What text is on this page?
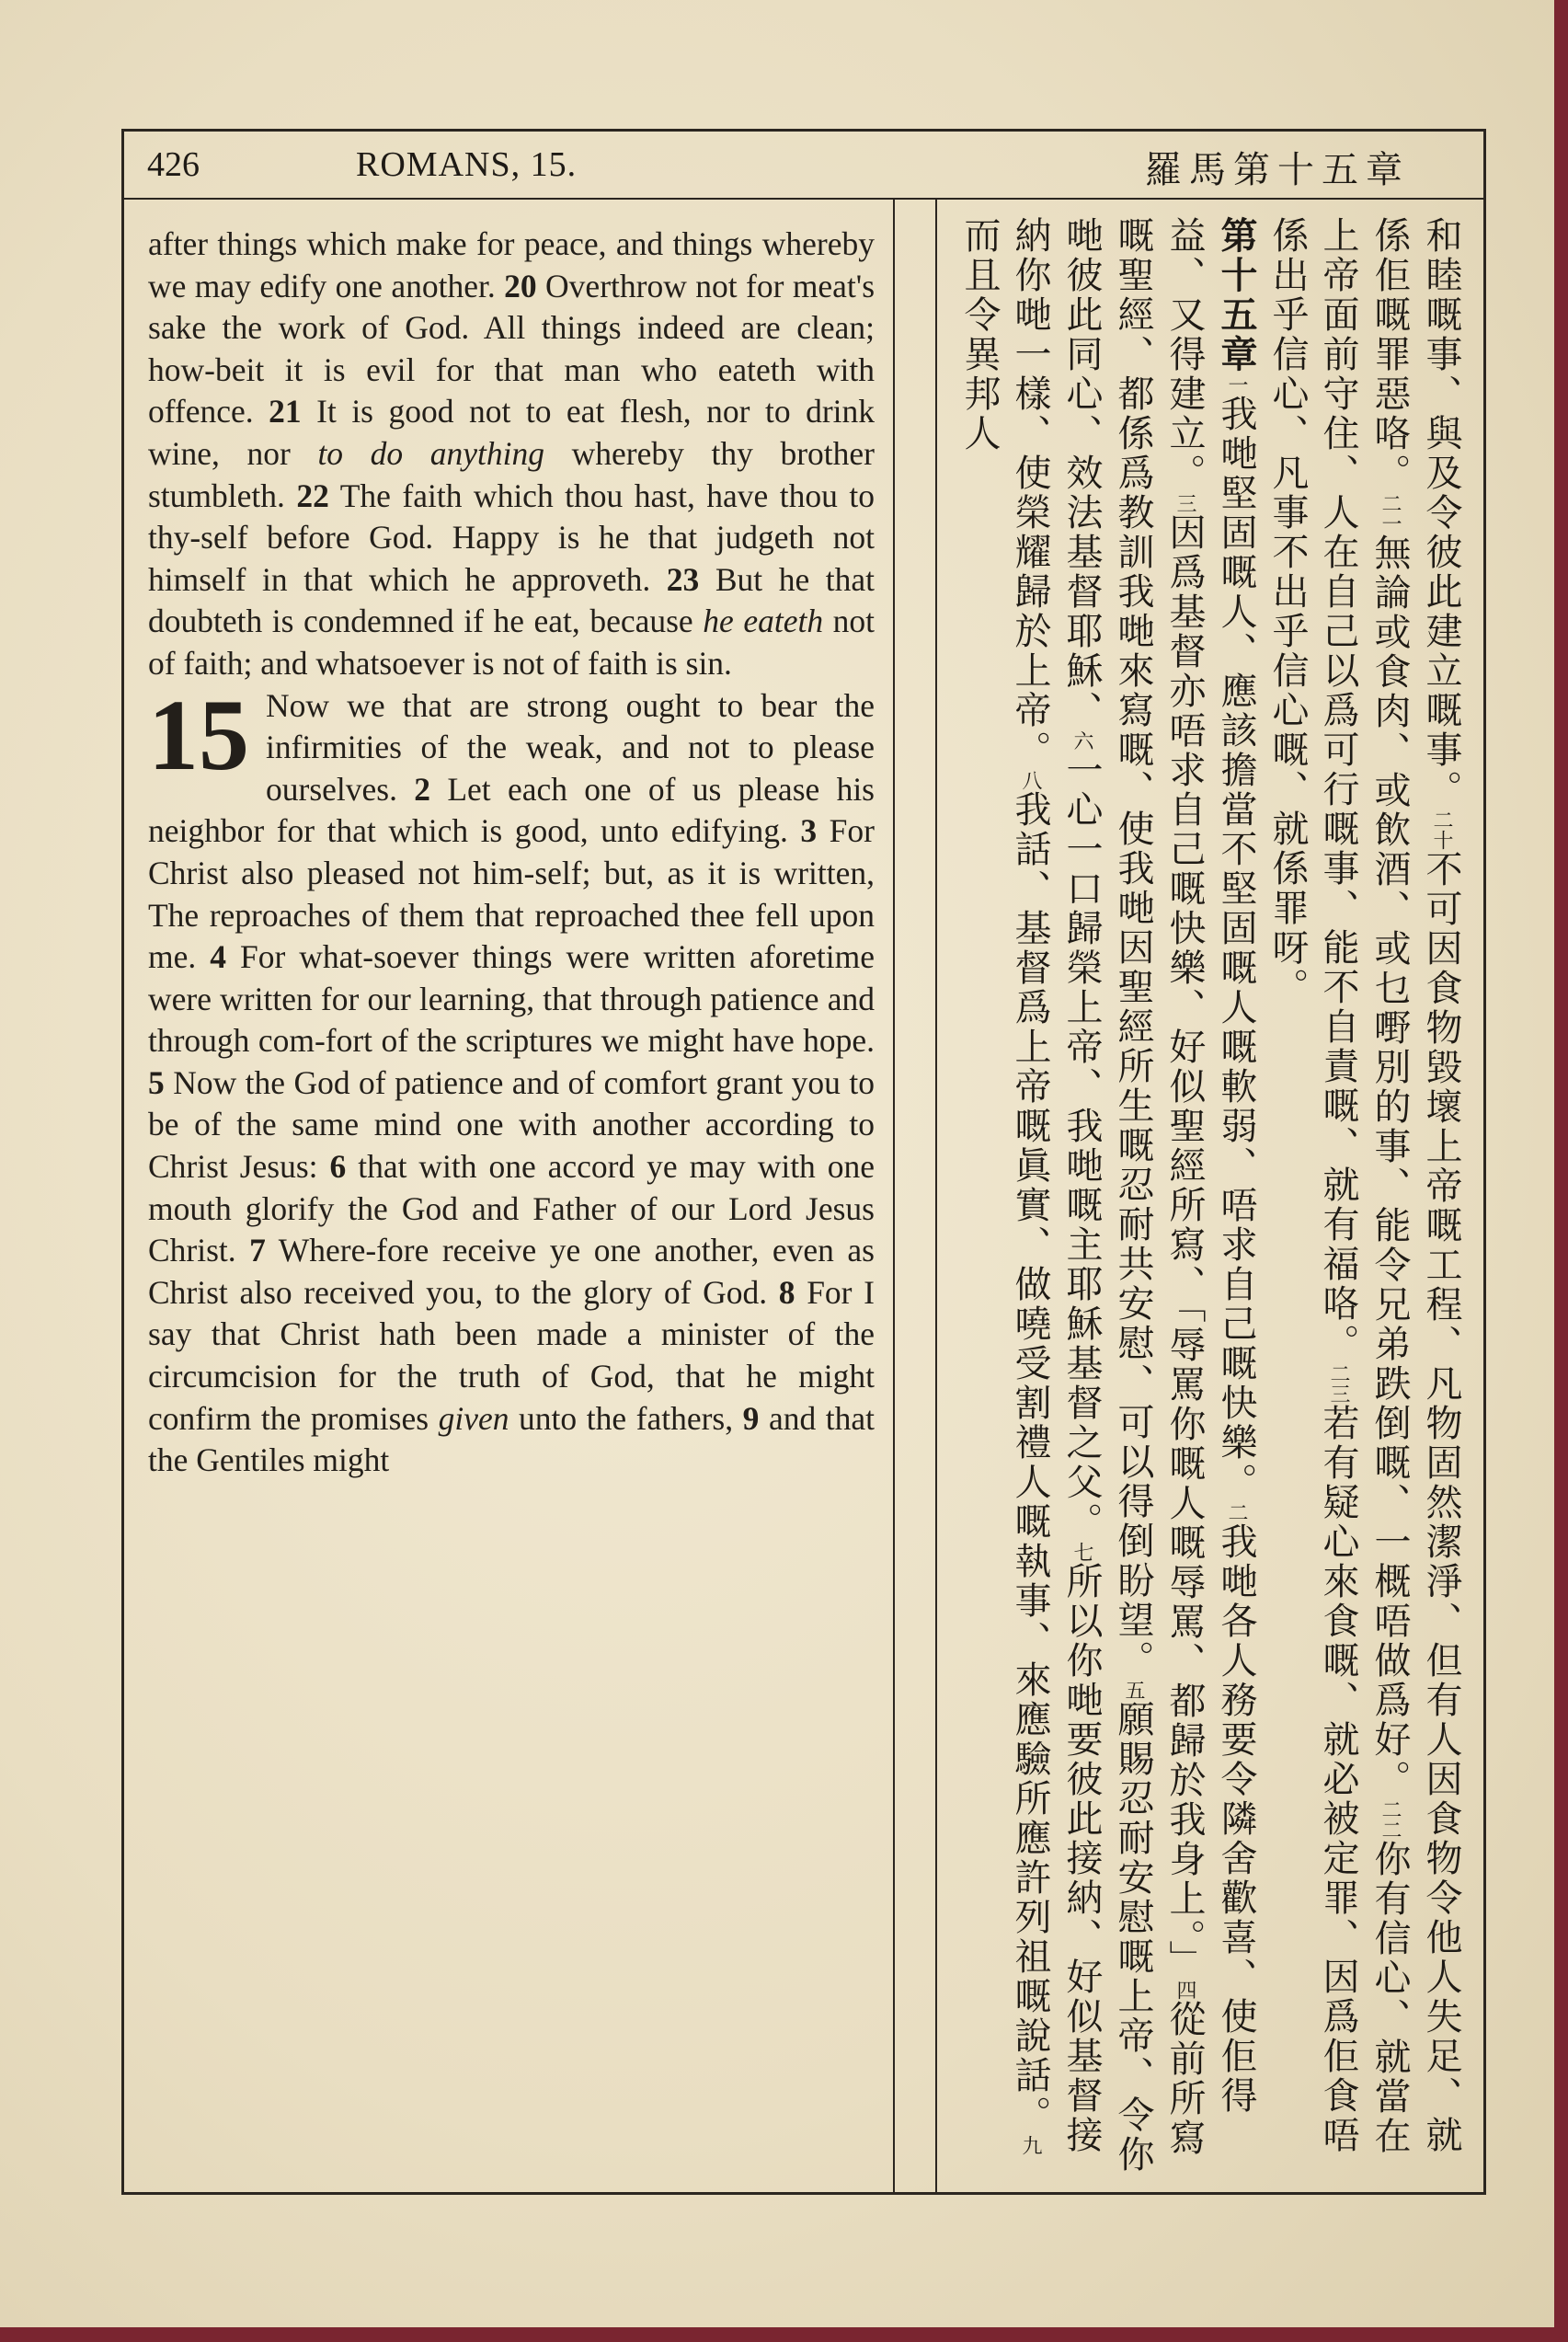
426	ROMANS, 15.	羅馬第十五章

after things which make for peace, and things whereby we may edify one another. 20 Overthrow not for meat's sake the work of God. All things indeed are clean; how-beit it is evil for that man who eateth with offence. 21 It is good not to eat flesh, nor to drink wine, nor to do anything whereby thy brother stumbleth. 22 The faith which thou hast, have thou to thy-self before God. Happy is he that judgeth not himself in that which he approveth. 23 But he that doubteth is condemned if he eat, because he eateth not of faith; and whatsoever is not of faith is sin.

15 Now we that are strong ought to bear the infirmities of the weak, and not to please ourselves. 2 Let each one of us please his neighbor for that which is good, unto edifying. 3 For Christ also pleased not him-self; but, as it is written, The reproaches of them that reproached thee fell upon me. 4 For what-soever things were written aforetime were written for our learning, that through patience and through com-fort of the scriptures we might have hope. 5 Now the God of patience and of comfort grant you to be of the same mind one with another according to Christ Jesus: 6 that with one accord ye may with one mouth glorify the God and Father of our Lord Jesus Christ. 7 Where-fore receive ye one another, even as Christ also received you, to the glory of God. 8 For I say that Christ hath been made a minister of the circumcision for the truth of God, that he might confirm the promises given unto the fathers, 9 and that the Gentiles might

和睦嘅事、與及令彼此建立嘅事。二十不可因食物毀壞上帝嘅工程、凡物固然潔淨、但有人因食物令他人失足、就係佢嘅罪惡咯。二一無論或食肉、或飲酒、或乜嘢別的事、能令兄弟跌倒嘅、一概唔做爲好。二二你有信心、就當在上帝面前守住、人在自己以爲可行嘅事、能不自責嘅、就有福咯。二三若有疑心來食嘅、就必被定罪、因爲佢食唔係出乎信心、凡事不出乎信心嘅、就係罪呀。
第十五章一我哋堅固嘅人、應該擔當不堅固嘅人嘅軟弱、唔求自己嘅快樂。二我哋各人務要令隣舍歡喜、使佢得益、又得建立。三因爲基督亦唔求自己嘅快樂、好似聖經所寫、「辱罵你嘅人嘅辱罵、都歸於我身上。」四從前所寫嘅聖經、都係爲教訓我哋來寫嘅、使我哋因聖經所生嘅忍耐共安慰、可以得倒盼望。五願賜忍耐安慰嘅上帝、令你哋彼此同心、效法基督耶穌、六一心一口歸榮上帝、我哋嘅主耶穌基督之父。七所以你哋要彼此接納、好似基督接納你哋一樣、使榮耀歸於上帝。八我話、基督爲上帝嘅眞實、做嘵受割禮人嘅執事、來應驗所應許列祖嘅說話。九而且令異邦人
